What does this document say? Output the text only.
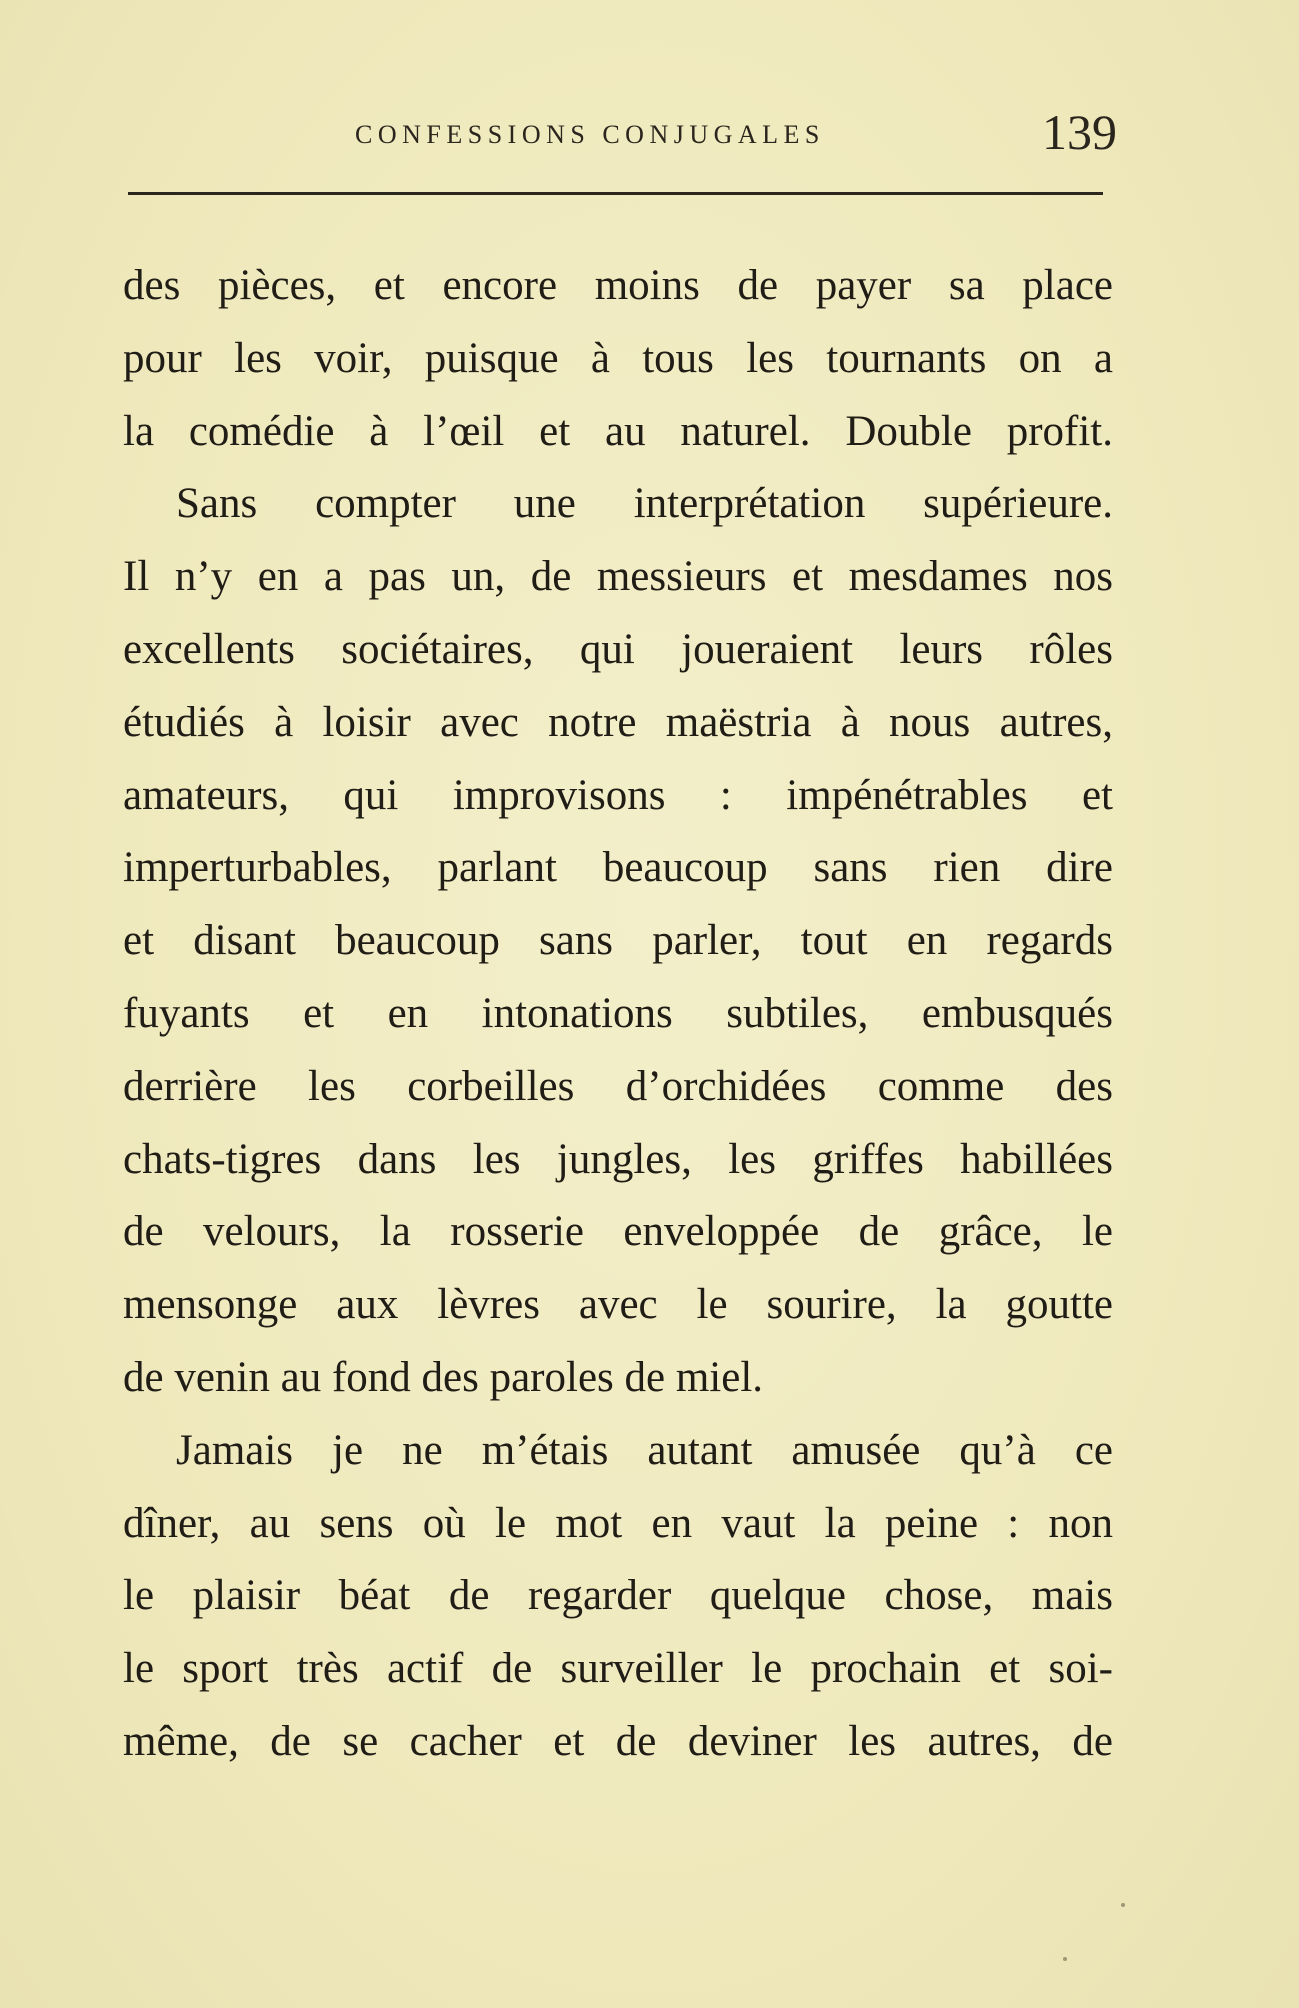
CONFESSIONS CONJUGALES	139
des pièces, et encore moins de payer sa place
pour les voir, puisque à tous les tournants on a
la comédie à l’œil et au naturel. Double profit.
Sans compter une interprétation supérieure.
Il n’y en a pas un, de messieurs et mesdames nos
excellents sociétaires, qui joueraient leurs rôles
étudiés à loisir avec notre maëstria à nous autres,
amateurs, qui improvisons : impénétrables et
imperturbables, parlant beaucoup sans rien dire
et disant beaucoup sans parler, tout en regards
fuyants et en intonations subtiles, embusqués
derrière les corbeilles d’orchidées comme des
chats-tigres dans les jungles, les griffes habillées
de velours, la rosserie enveloppée de grâce, le
mensonge aux lèvres avec le sourire, la goutte
de venin au fond des paroles de miel.
Jamais je ne m’étais autant amusée qu’à ce
dîner, au sens où le mot en vaut la peine : non
le plaisir béat de regarder quelque chose, mais
le sport très actif de surveiller le prochain et soi-
même, de se cacher et de deviner les autres, de
